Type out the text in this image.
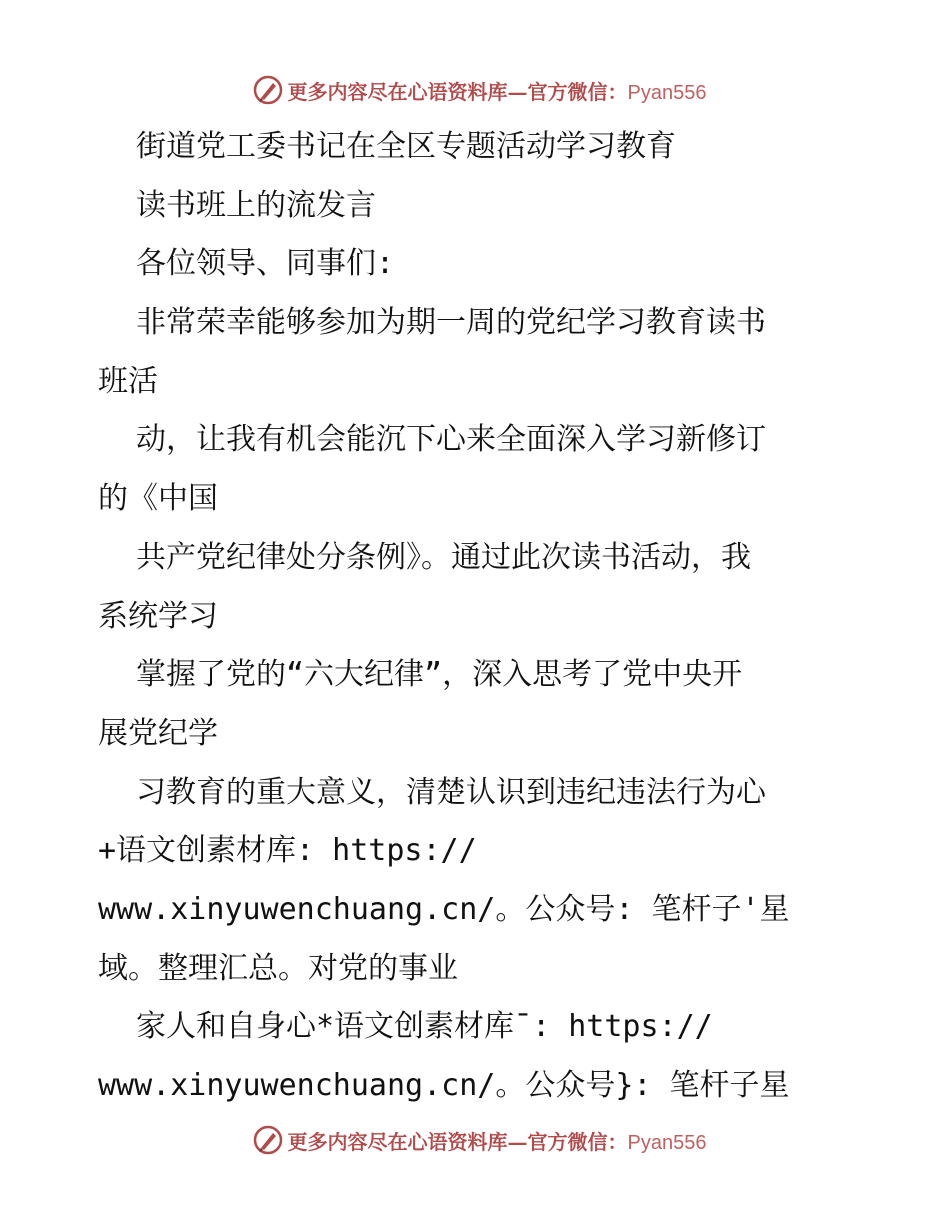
更多内容尽在心语资料库—官方微信：Pyan556
街道党工委书记在全区专题活动学习教育
读书班上的流发言
各位领导、同事们:
非常荣幸能够参加为期一周的党纪学习教育读书
班活
动，让我有机会能沉下心来全面深入学习新修订
的《中国
共产党纪律处分条例》。通过此次读书活动，我
系统学习
掌握了党的“六大纪律”，深入思考了党中央开
展党纪学
习教育的重大意义，清楚认识到违纪违法行为心
+语文创素材库: https://
www.xinyuwenchuang.cn/。公众号: 笔杆子'星
域。整理汇总。对党的事业
家人和自身心*语文创素材库¯: https://
www.xinyuwenchuang.cn/。公众号}: 笔杆子星
更多内容尽在心语资料库—官方微信：Pyan556
